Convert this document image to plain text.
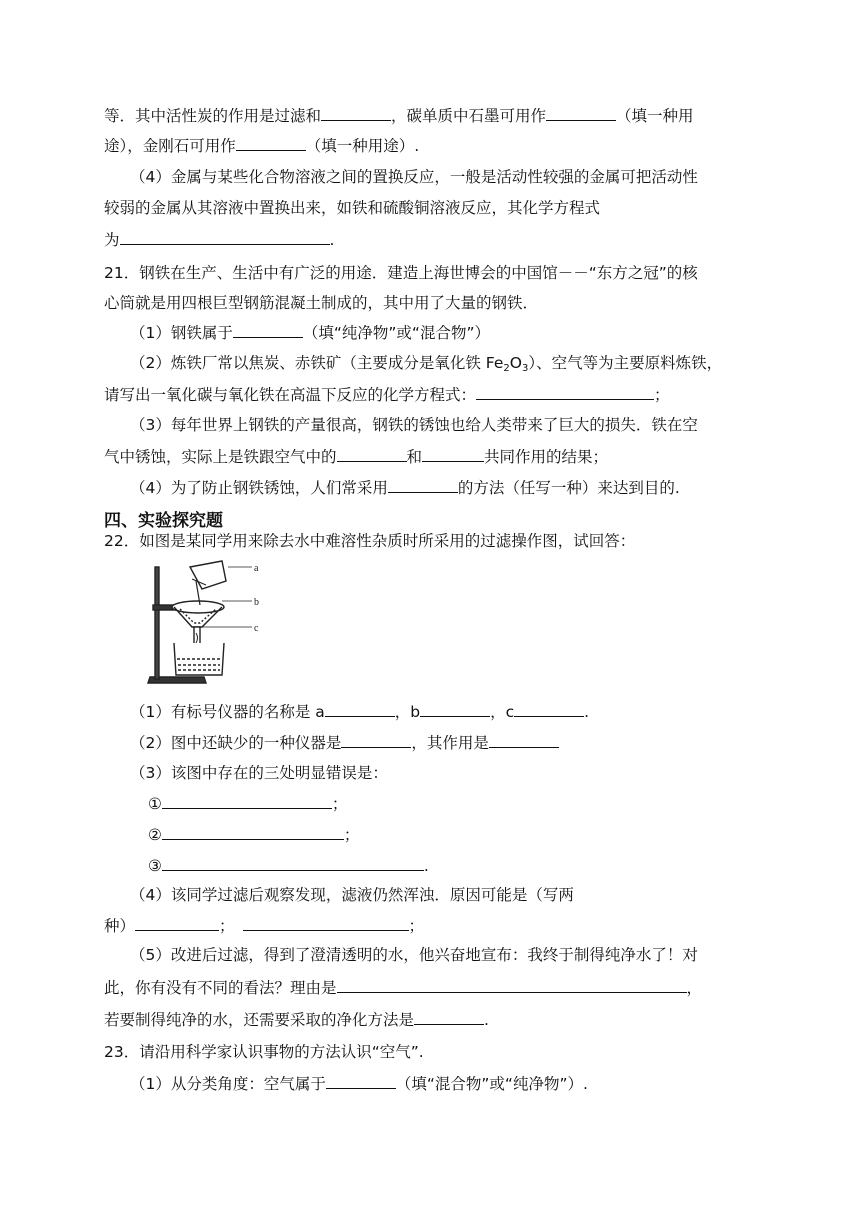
等．其中活性炭的作用是过滤和	，碳单质中石墨可用作	（填一种用
途），金刚石可用作	（填一种用途）.
（4）金属与某些化合物溶液之间的置换反应，一般是活动性较强的金属可把活动性
较弱的金属从其溶液中置换出来，如铁和硫酸铜溶液反应，其化学方程式
为	.
21．钢铁在生产、生活中有广泛的用途．建造上海世博会的中国馆－－“东方之冠”的核
心筒就是用四根巨型钢筋混凝土制成的，其中用了大量的钢铁．
（1）钢铁属于	（填“纯净物”或“混合物”）
（2）炼铁厂常以焦炭、赤铁矿（主要成分是氧化铁 $Fe_2O_3$）、空气等为主要原料炼铁，
请写出一氧化碳与氧化铁在高温下反应的化学方程式：	；
（3）每年世界上钢铁的产量很高，钢铁的锈蚀也给人类带来了巨大的损失．铁在空
气中锈蚀，实际上是铁跟空气中的	和	共同作用的结果；
（4）为了防止钢铁锈蚀，人们常采用	的方法（任写一种）来达到目的.
四、实验探究题
22．如图是某同学用来除去水中难溶性杂质时所采用的过滤操作图，试回答：
a
b
c
（1）有标号仪器的名称是 a	，b	，c	.
（2）图中还缺少的一种仪器是	，其作用是
（3）该图中存在的三处明显错误是：
①	；
②	；
③	.
（4）该同学过滤后观察发现，滤液仍然浑浊．原因可能是（写两
种）	；	；
（5）改进后过滤，得到了澄清透明的水，他兴奋地宣布：我终于制得纯净水了！对
此，你有没有不同的看法？理由是	，
若要制得纯净的水，还需要采取的净化方法是	.
23．请沿用科学家认识事物的方法认识“空气”.
（1）从分类角度：空气属于	（填“混合物”或“纯净物”）.
